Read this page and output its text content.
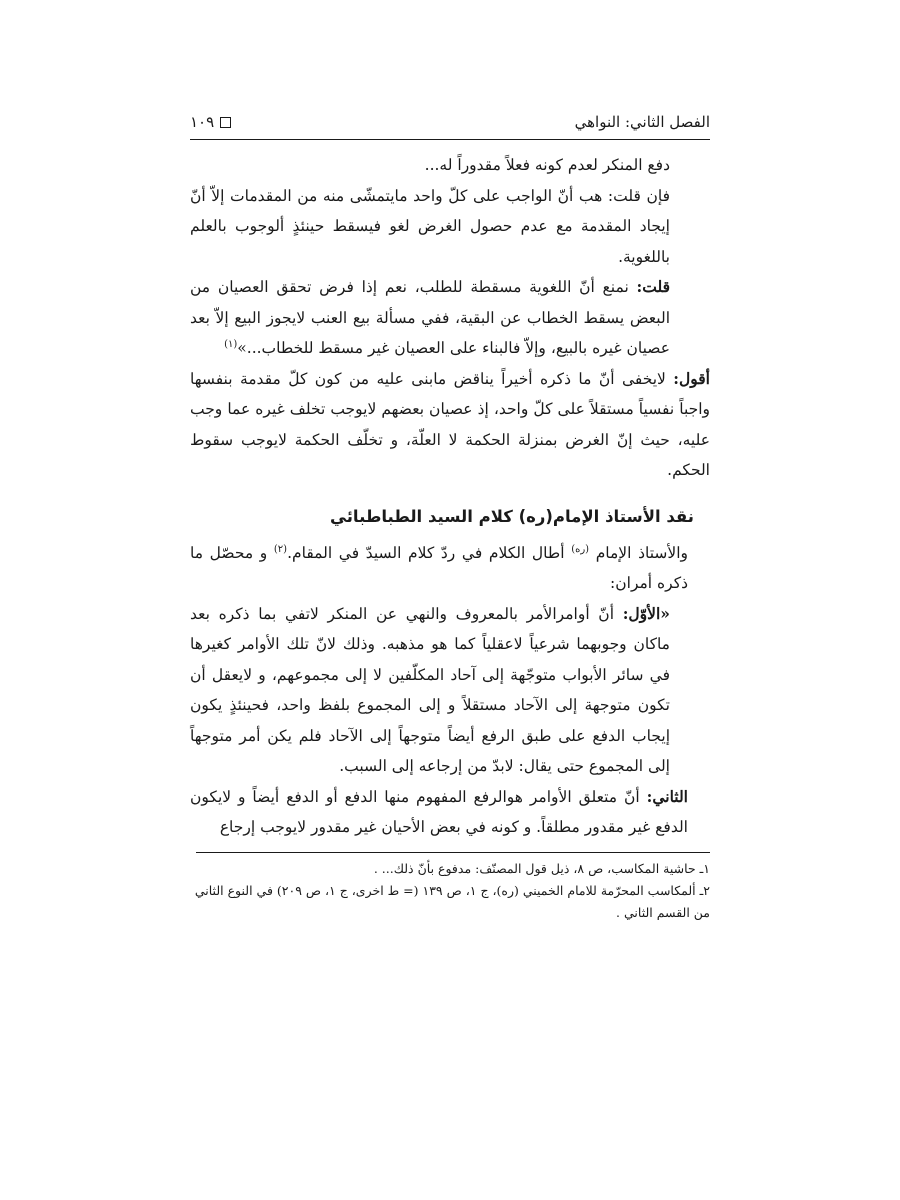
الفصل الثاني: النواهي
١٠٩

دفع المنكر لعدم كونه فعلاً مقدوراً له...

فإن قلت: هب أنّ الواجب على كلّ واحد مايتمشّى منه من المقدمات إلاّ أنّ إيجاد المقدمة مع عدم حصول الغرض لغو فيسقط حينئذٍ ألوجوب بالعلم باللغوية.

قلت: نمنع أنّ اللغوية مسقطة للطلب، نعم إذا فرض تحقق العصيان من البعض يسقط الخطاب عن البقية، ففي مسألة بيع العنب لايجوز البيع إلاّ بعد عصيان غيره بالبيع، وإلاّ فالبناء على العصيان غير مسقط للخطاب...»$^{(١)}$

أقول: لايخفى أنّ ما ذكره أخيراً يناقض مابنى عليه من كون كلّ مقدمة بنفسها واجباً نفسياً مستقلاً على كلّ واحد، إذ عصيان بعضهم لايوجب تخلف غيره عما وجب عليه، حيث إنّ الغرض بمنزلة الحكمة لا العلّة، و تخلّف الحكمة لايوجب سقوط الحكم.

نقد الأستاذ الإمام(ره) كلام السيد الطباطبائي

والأستاذ الإمام $^{(ره)}$ أطال الكلام في ردّ كلام السيدّ في المقام.$^{(٢)}$ و محصّل ما ذكره أمران:

«الأوّل: أنّ أوامرالأمر بالمعروف والنهي عن المنكر لاتفي بما ذكره بعد ماكان وجوبهما شرعياً لاعقلياً كما هو مذهبه. وذلك لانّ تلك الأوامر كغيرها في سائر الأبواب متوجّهة إلى آحاد المكلّفين لا إلى مجموعهم، و لايعقل أن تكون متوجهة إلى الآحاد مستقلاً و إلى المجموع بلفظ واحد، فحينئذٍ يكون إيجاب الدفع على طبق الرفع أيضاً متوجهاً إلى الآحاد فلم يكن أمر متوجهاً إلى المجموع حتى يقال: لابدّ من إرجاعه إلى السبب.

الثاني: أنّ متعلق الأوامر هوالرفع المفهوم منها الدفع أو الدفع أيضاً و لايكون الدفع غير مقدور مطلقاً. و كونه في بعض الأحيان غير مقدور لايوجب إرجاع

١ـ حاشية المكاسب، ص ٨، ذيل قول المصنّف: مدفوع بأنّ ذلك... .

٢ـ ألمكاسب المحرّمة للامام الخميني (ره)، ج ١، ص ١٣٩ (= ط اخرى، ج ١، ص ٢٠٩) في النوع الثاني من القسم الثاني .
